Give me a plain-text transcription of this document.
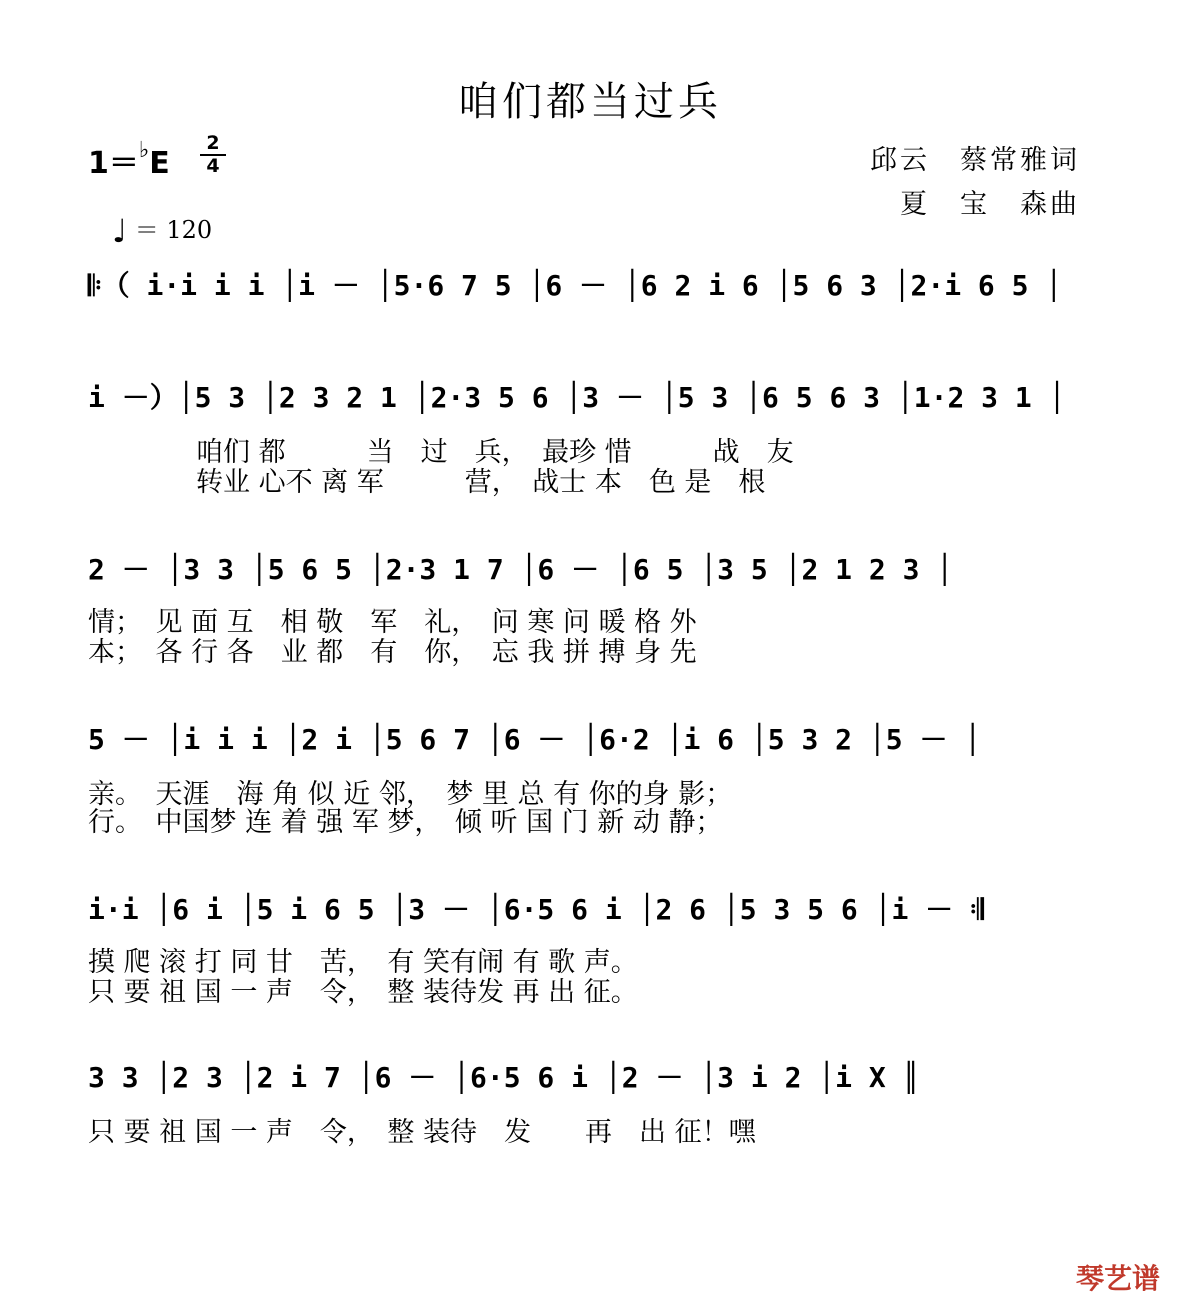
咱们都当过兵
1＝♭E
2
4	邱云　蔡常雅词
夏　宝　森曲
♩ ＝ 120
𝄆（ i·i i i │i － │5·6 7 5 │6 － │6 2 i 6 │5 6 3 │2·i 6 5 │
i －）│5 3 │2 3 2 1 │2·3 5 6 │3 － │5 3 │6 5 6 3 │1·2 3 1 │
咱们 都　　　当　过　兵，　最珍 惜　　　战　友
转业 心不 离 军　　　营，　战士 本　色 是　根
2 － │3 3 │5 6 5 │2·3 1 7 │6 － │6 5 │3 5 │2 1 2 3 │
情；　见 面 互　相 敬　军　礼，　问 寒 问 暖 格 外
本；　各 行 各　业 都　有　你，　忘 我 拼 搏 身 先
5 － │i i i │2 i │5 6 7 │6 － │6·2 │i 6 │5 3 2 │5 － │
亲。　天涯　海 角 似 近 邻，　梦 里 总 有 你的身 影；
行。　中国梦 连 着 强 军 梦，　倾 听 国 门 新 动 静；
i·i │6 i │5 i 6 5 │3 － │6·5 6 i │2 6 │5 3 5 6 │i － 𝄇
摸 爬 滚 打 同 甘　苦，　有 笑有闹 有 歌 声。
只 要 祖 国 一 声　令，　整 装待发 再 出 征。
3 3 │2 3 │2 i 7 │6 － │6·5 6 i │2 － │3 i 2 │i X ║
只 要 祖 国 一 声　令，　整 装待　发　　再　出 征！嘿
琴艺谱
